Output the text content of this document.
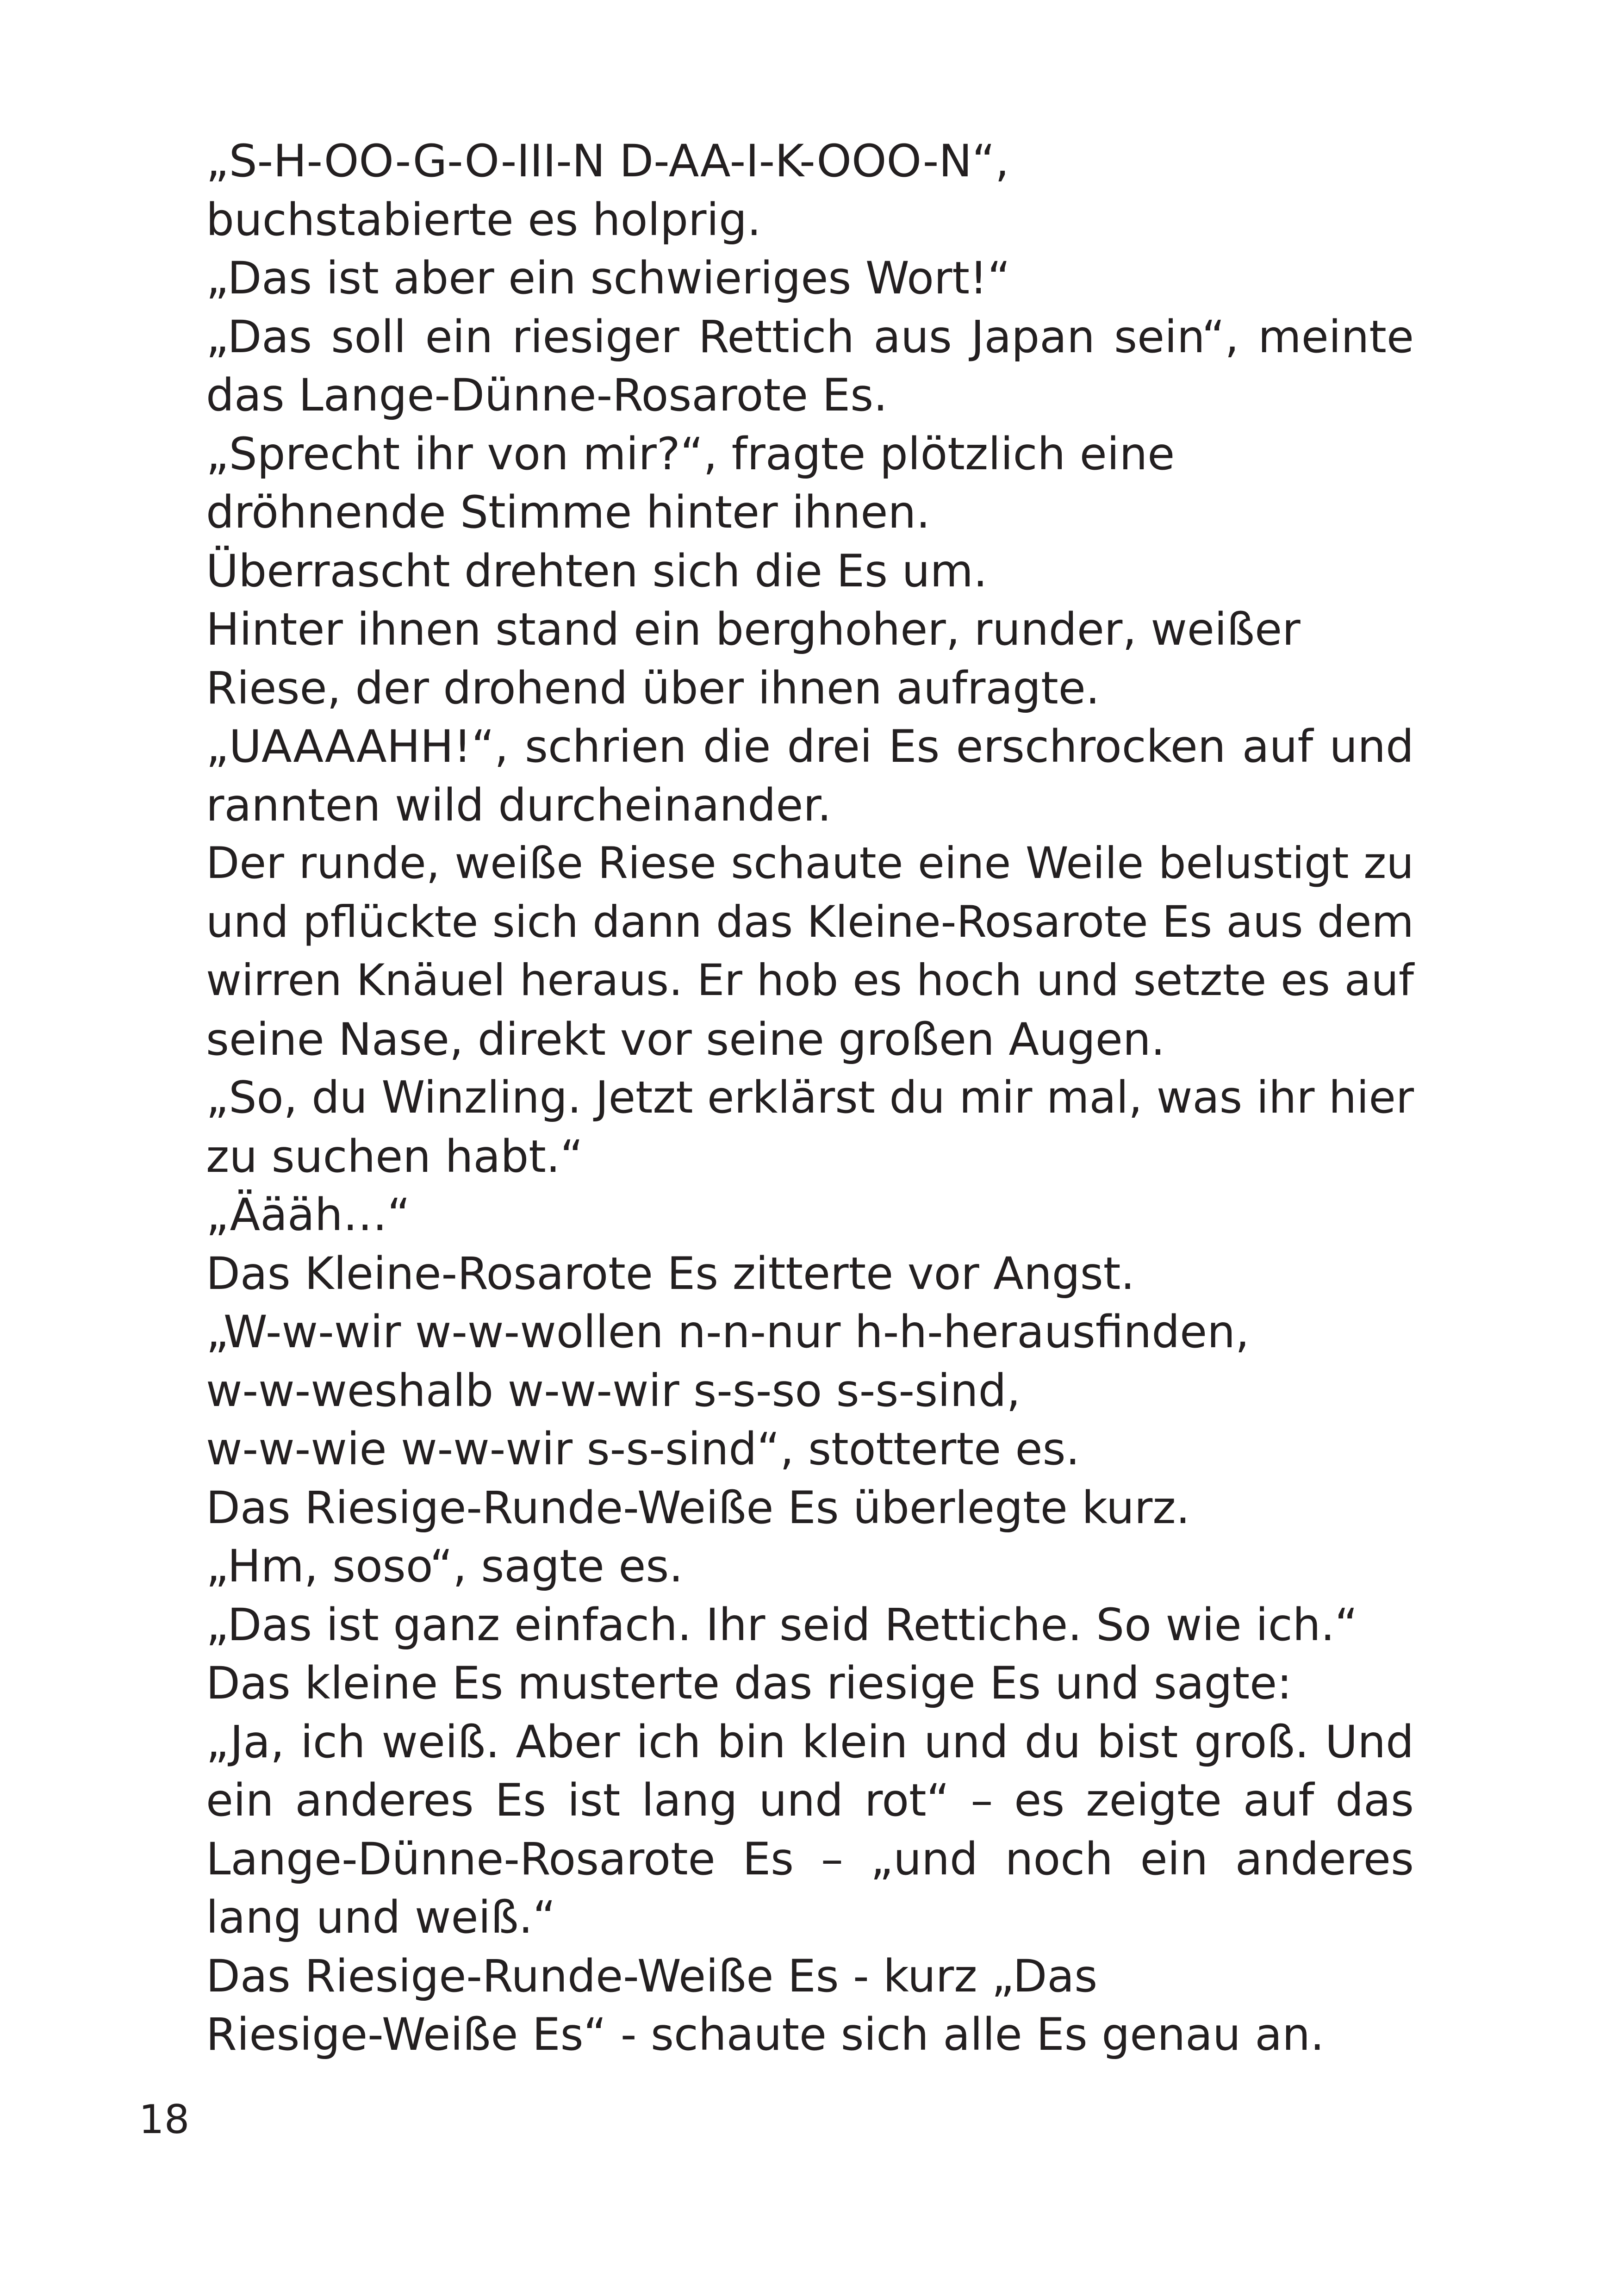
„S-H-OO-G-O-III-N D-AA-I-K-OOO-N“,
buchstabierte es holprig.
„Das ist aber ein schwieriges Wort!“
„Das soll ein riesiger Rettich aus Japan sein“, meinte
das Lange-Dünne-Rosarote Es.
„Sprecht ihr von mir?“, fragte plötzlich eine
dröhnende Stimme hinter ihnen.
Überrascht drehten sich die Es um.
Hinter ihnen stand ein berghoher, runder, weißer
Riese, der drohend über ihnen aufragte.
„UAAAAHH!“, schrien die drei Es erschrocken auf und
rannten wild durcheinander.
Der runde, weiße Riese schaute eine Weile belustigt zu
und pflückte sich dann das Kleine-Rosarote Es aus dem
wirren Knäuel heraus. Er hob es hoch und setzte es auf
seine Nase, direkt vor seine großen Augen.
„So, du Winzling. Jetzt erklärst du mir mal, was ihr hier
zu suchen habt.“
„Äääh…“
Das Kleine-Rosarote Es zitterte vor Angst.
„W-w-wir w-w-wollen n-n-nur h-h-herausfinden,
w-w-weshalb w-w-wir s-s-so s-s-sind,
w-w-wie w-w-wir s-s-sind“, stotterte es.
Das Riesige-Runde-Weiße Es überlegte kurz.
„Hm, soso“, sagte es.
„Das ist ganz einfach. Ihr seid Rettiche. So wie ich.“
Das kleine Es musterte das riesige Es und sagte:
„Ja, ich weiß. Aber ich bin klein und du bist groß. Und
ein anderes Es ist lang und rot“ – es zeigte auf das
Lange-Dünne-Rosarote Es – „und noch ein anderes
lang und weiß.“
Das Riesige-Runde-Weiße Es - kurz „Das
Riesige-Weiße Es“ - schaute sich alle Es genau an.
18
